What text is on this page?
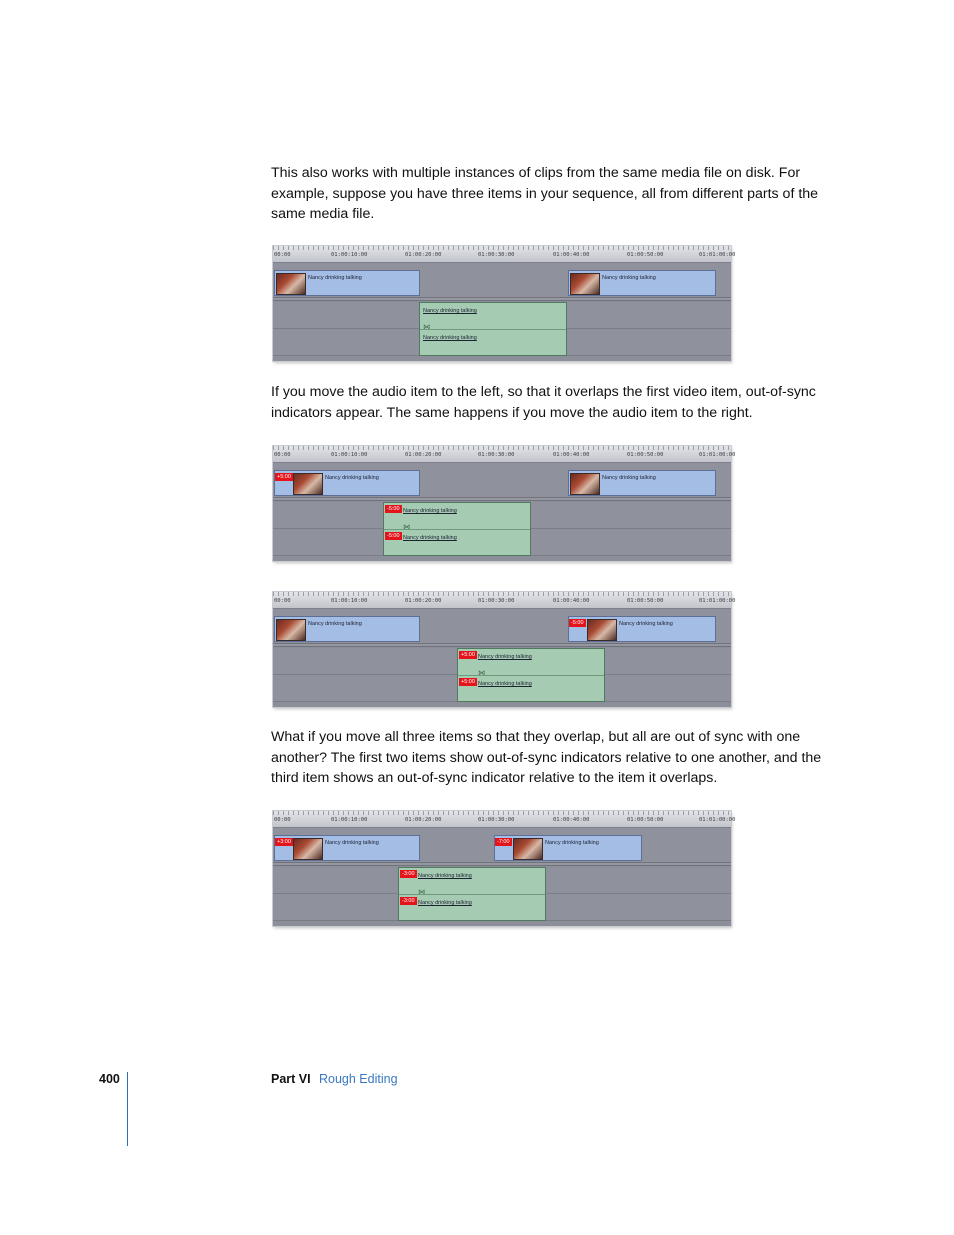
This also works with multiple instances of clips from the same media file on disk. For example, suppose you have three items in your sequence, all from different parts of the same media file.

00:00	01:00:10:00	01:00:20:00	01:00:30:00	01:00:40:00	01:00:50:00	01:01:00:00
Nancy drinking talking	Nancy drinking talking
Nancy drinking talking
⋈
Nancy drinking talking

If you move the audio item to the left, so that it overlaps the first video item, out-of-sync indicators appear. The same happens if you move the audio item to the right.

00:00	01:00:10:00	01:00:20:00	01:00:30:00	01:00:40:00	01:00:50:00	01:01:00:00
+5:00	Nancy drinking talking	Nancy drinking talking
-5:00 Nancy drinking talking
⋈
-5:00 Nancy drinking talking
00:00	01:00:10:00	01:00:20:00	01:00:30:00	01:00:40:00	01:00:50:00	01:01:00:00
Nancy drinking talking	-5:00	Nancy drinking talking
+5:00 Nancy drinking talking
⋈
+5:00 Nancy drinking talking

What if you move all three items so that they overlap, but all are out of sync with one another? The first two items show out-of-sync indicators relative to one another, and the third item shows an out-of-sync indicator relative to the item it overlaps.

00:00	01:00:10:00	01:00:20:00	01:00:30:00	01:00:40:00	01:00:50:00	01:01:00:00
+3:00	Nancy drinking talking	-7:00	Nancy drinking talking
-3:00 Nancy drinking talking
⋈
-3:00 Nancy drinking talking
400	Part VI Rough Editing
